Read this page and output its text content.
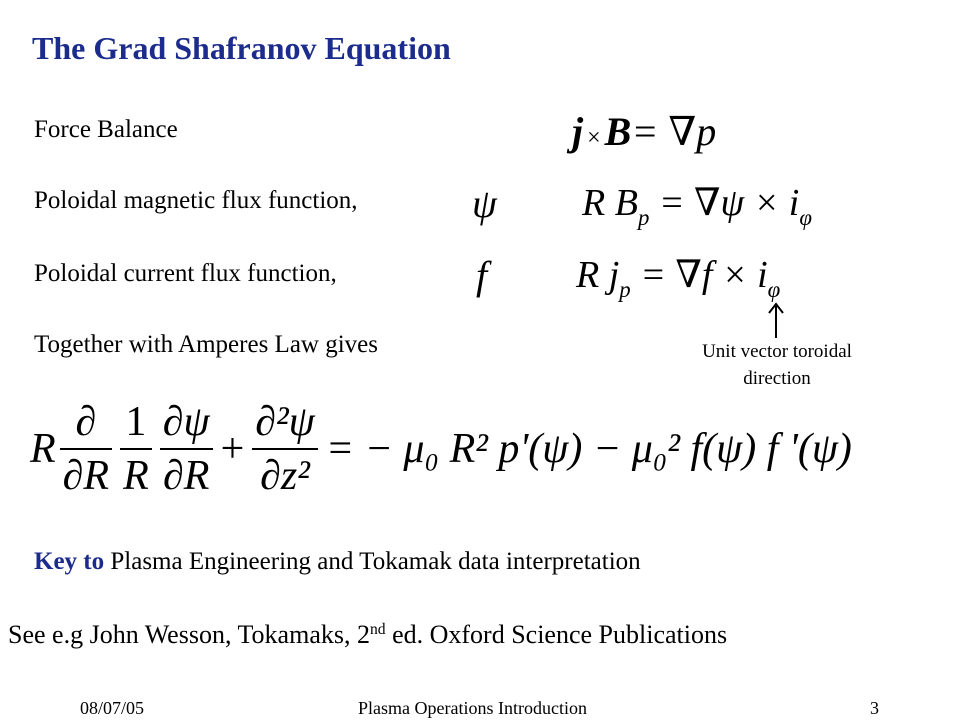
The Grad Shafranov Equation
Force Balance	j × B= ∇p
Poloidal magnetic flux function,	ψ R $B_p = \nabla\psi \times i_\varphi$
Poloidal current flux function,	f R $j_p = \nabla f \times i_\varphi$
Unit vector toroidal
direction
Together with Amperes Law gives
R $\frac{\partial}{\partial R} \frac{1}{R} \frac{\partial\psi}{\partial R} + \frac{\text{∂²ψ}}{\text{∂z²}}$ = − μ₀ R² p'(ψ) − μ₀² f(ψ) f '(ψ)
Key to Plasma Engineering and Tokamak data interpretation
See e.g John Wesson, Tokamaks, 2nd ed. Oxford Science Publications
08/07/05	Plasma Operations Introduction	3
